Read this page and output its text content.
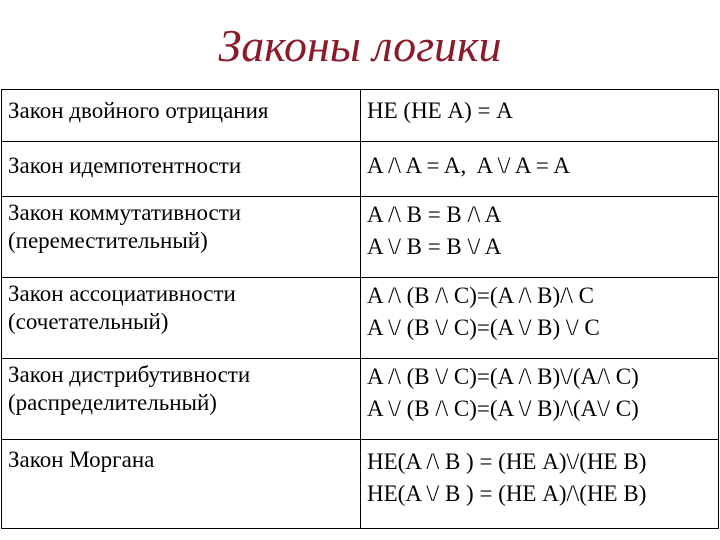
Законы логики
Закон двойного отрицания	НЕ (НЕ А) = А

Закон идемпотентности	A /\ A = A,  A \/ A = A

Закон коммутативности
(переместительный)	A /\ B = B /\ A
A \/ B = B \/ A

Закон ассоциативности
(сочетательный)	A /\ (B /\ C)=(A /\ B)/\ C
A \/ (B \/ C)=(A \/ B) \/ C

Закон дистрибутивности
(распределительный)	A /\ (B \/ C)=(A /\ B)\/(A/\ C)
A \/ (B /\ C)=(A \/ B)/\(A\/ C)

Закон Моргана	НЕ(A /\ B ) = (НЕ A)\/(НЕ B)
НЕ(A \/ B ) = (НЕ A)/\(НЕ B)
